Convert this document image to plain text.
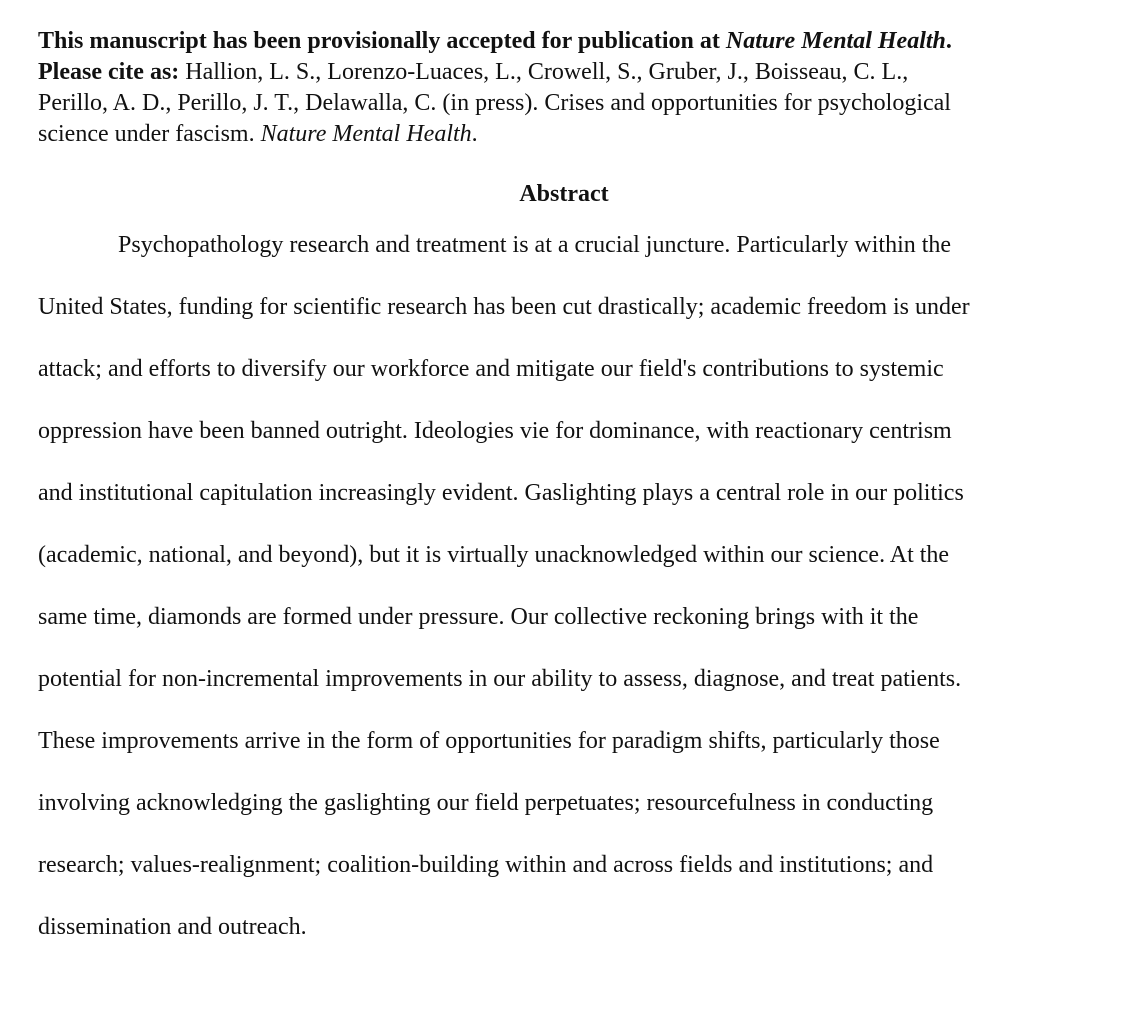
This manuscript has been provisionally accepted for publication at Nature Mental Health.
Please cite as: Hallion, L. S., Lorenzo-Luaces, L., Crowell, S., Gruber, J., Boisseau, C. L.,
Perillo, A. D., Perillo, J. T., Delawalla, C. (in press). Crises and opportunities for psychological
science under fascism. Nature Mental Health.

Abstract

Psychopathology research and treatment is at a crucial juncture. Particularly within the
United States, funding for scientific research has been cut drastically; academic freedom is under
attack; and efforts to diversify our workforce and mitigate our field's contributions to systemic
oppression have been banned outright. Ideologies vie for dominance, with reactionary centrism
and institutional capitulation increasingly evident. Gaslighting plays a central role in our politics
(academic, national, and beyond), but it is virtually unacknowledged within our science. At the
same time, diamonds are formed under pressure. Our collective reckoning brings with it the
potential for non-incremental improvements in our ability to assess, diagnose, and treat patients.
These improvements arrive in the form of opportunities for paradigm shifts, particularly those
involving acknowledging the gaslighting our field perpetuates; resourcefulness in conducting
research; values-realignment; coalition-building within and across fields and institutions; and
dissemination and outreach.
